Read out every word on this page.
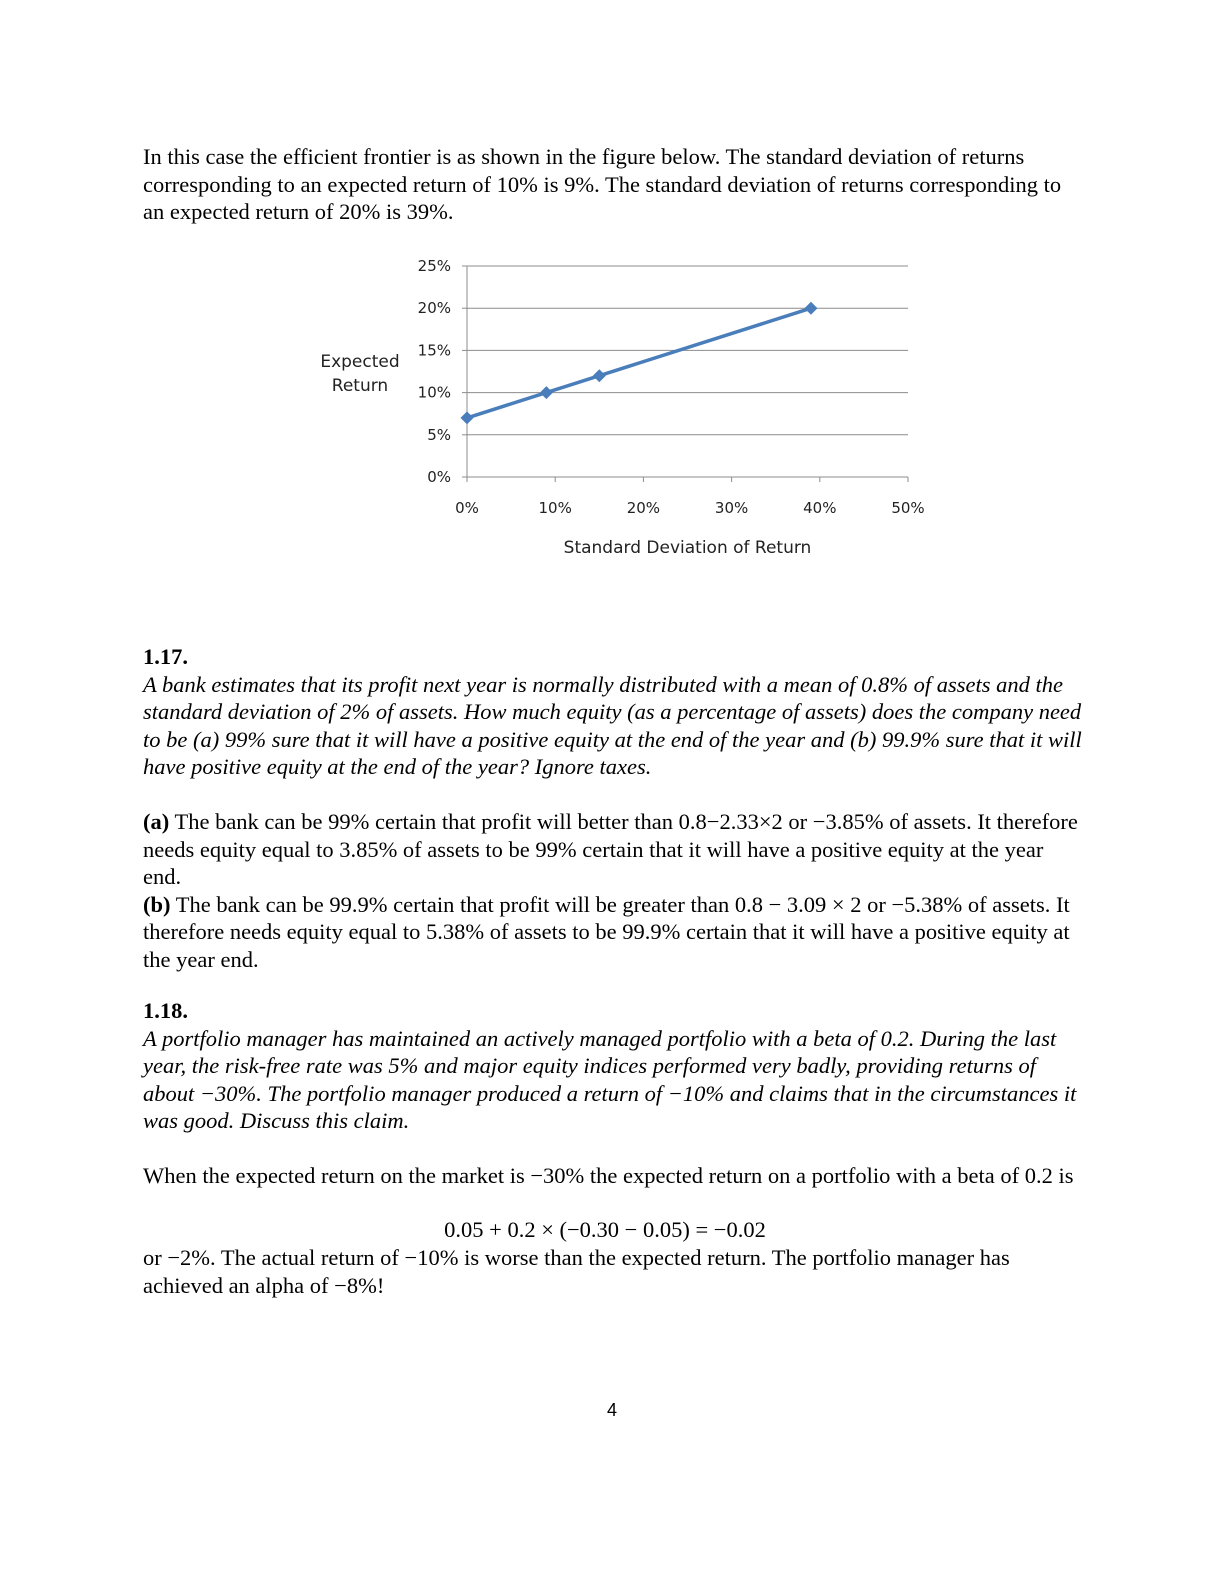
In this case the efficient frontier is as shown in the figure below. The standard deviation of returns corresponding to an expected return of 10% is 9%. The standard deviation of returns corresponding to an expected return of 20% is 39%.
0%
5%
10%
15%
20%
25%
0%	10%	20%	30%	40%	50%
Expected
Return
Standard Deviation of Return
1.17.
A bank estimates that its profit next year is normally distributed with a mean of 0.8% of assets and the standard deviation of 2% of assets. How much equity (as a percentage of assets) does the company need to be (a) 99% sure that it will have a positive equity at the end of the year and (b) 99.9% sure that it will have positive equity at the end of the year? Ignore taxes.
(a) The bank can be 99% certain that profit will better than 0.8−2.33×2 or −3.85% of assets. It therefore needs equity equal to 3.85% of assets to be 99% certain that it will have a positive equity at the year end.
(b) The bank can be 99.9% certain that profit will be greater than 0.8 − 3.09 × 2 or −5.38% of assets. It therefore needs equity equal to 5.38% of assets to be 99.9% certain that it will have a positive equity at the year end.
1.18.
A portfolio manager has maintained an actively managed portfolio with a beta of 0.2. During the last year, the risk-free rate was 5% and major equity indices performed very badly, providing returns of about −30%. The portfolio manager produced a return of −10% and claims that in the circumstances it was good. Discuss this claim.
When the expected return on the market is −30% the expected return on a portfolio with a beta of 0.2 is
0.05 + 0.2 × (−0.30 − 0.05) = −0.02
or −2%. The actual return of −10% is worse than the expected return. The portfolio manager has achieved an alpha of −8%!
4
